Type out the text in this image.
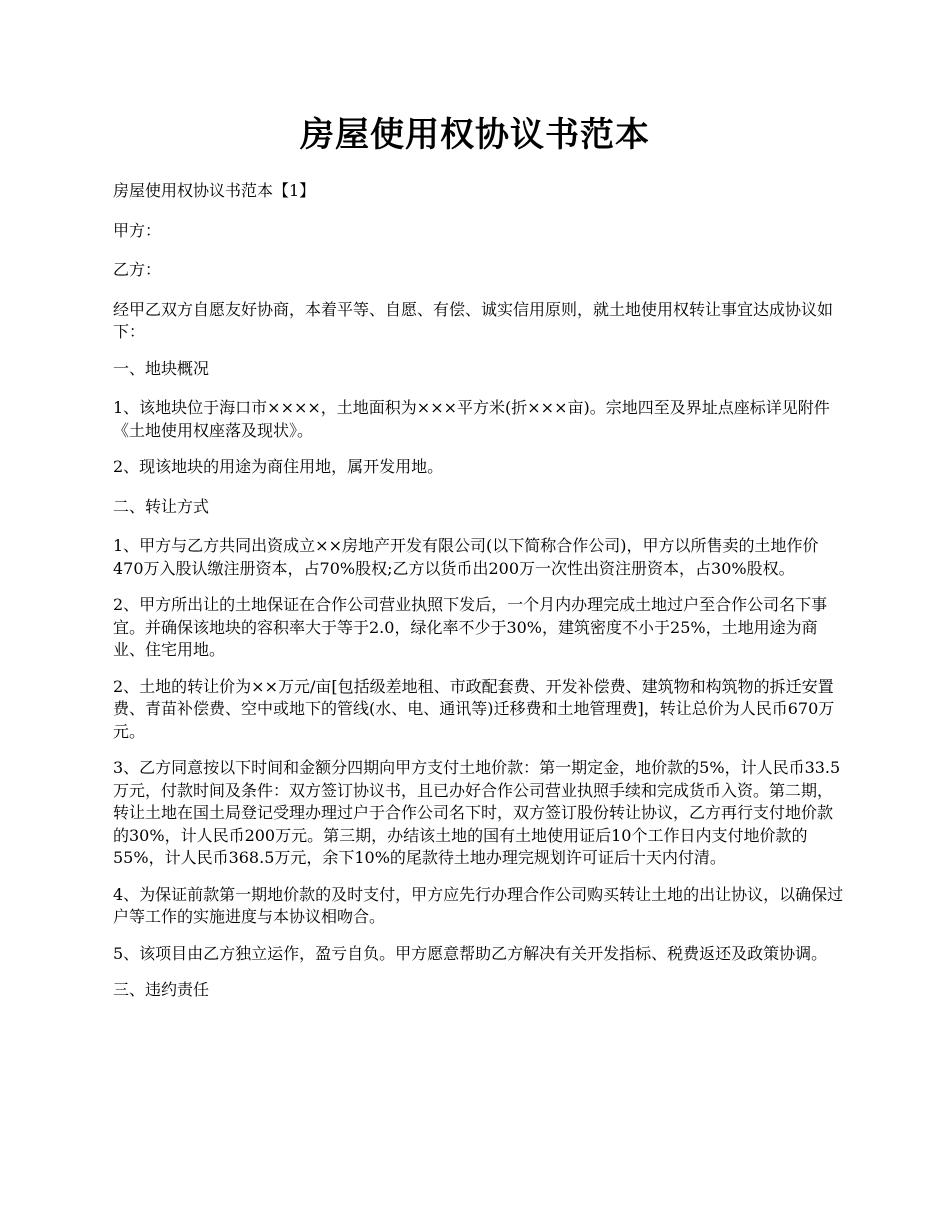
房屋使用权协议书范本

房屋使用权协议书范本【1】

甲方：

乙方：

经甲乙双方自愿友好协商，本着平等、自愿、有偿、诚实信用原则，就土地使用权转让事宜达成协议如下：

一、地块概况

1、该地块位于海口市××××，土地面积为×××平方米(折×××亩)。宗地四至及界址点座标详见附件《土地使用权座落及现状》。

2、现该地块的用途为商住用地，属开发用地。

二、转让方式

1、甲方与乙方共同出资成立××房地产开发有限公司(以下简称合作公司)，甲方以所售卖的土地作价470万入股认缴注册资本，占70%股权;乙方以货币出200万一次性出资注册资本，占30%股权。

2、甲方所出让的土地保证在合作公司营业执照下发后，一个月内办理完成土地过户至合作公司名下事宜。并确保该地块的容积率大于等于2.0，绿化率不少于30%，建筑密度不小于25%，土地用途为商业、住宅用地。

2、土地的转让价为××万元/亩[包括级差地租、市政配套费、开发补偿费、建筑物和构筑物的拆迁安置费、青苗补偿费、空中或地下的管线(水、电、通讯等)迁移费和土地管理费]，转让总价为人民币670万元。

3、乙方同意按以下时间和金额分四期向甲方支付土地价款：第一期定金，地价款的5%，计人民币33.5万元，付款时间及条件：双方签订协议书，且已办好合作公司营业执照手续和完成货币入资。第二期，转让土地在国土局登记受理办理过户于合作公司名下时，双方签订股份转让协议，乙方再行支付地价款的30%，计人民币200万元。第三期，办结该土地的国有土地使用证后10个工作日内支付地价款的55%，计人民币368.5万元，余下10%的尾款待土地办理完规划许可证后十天内付清。

4、为保证前款第一期地价款的及时支付，甲方应先行办理合作公司购买转让土地的出让协议，以确保过户等工作的实施进度与本协议相吻合。

5、该项目由乙方独立运作，盈亏自负。甲方愿意帮助乙方解决有关开发指标、税费返还及政策协调。

三、违约责任
